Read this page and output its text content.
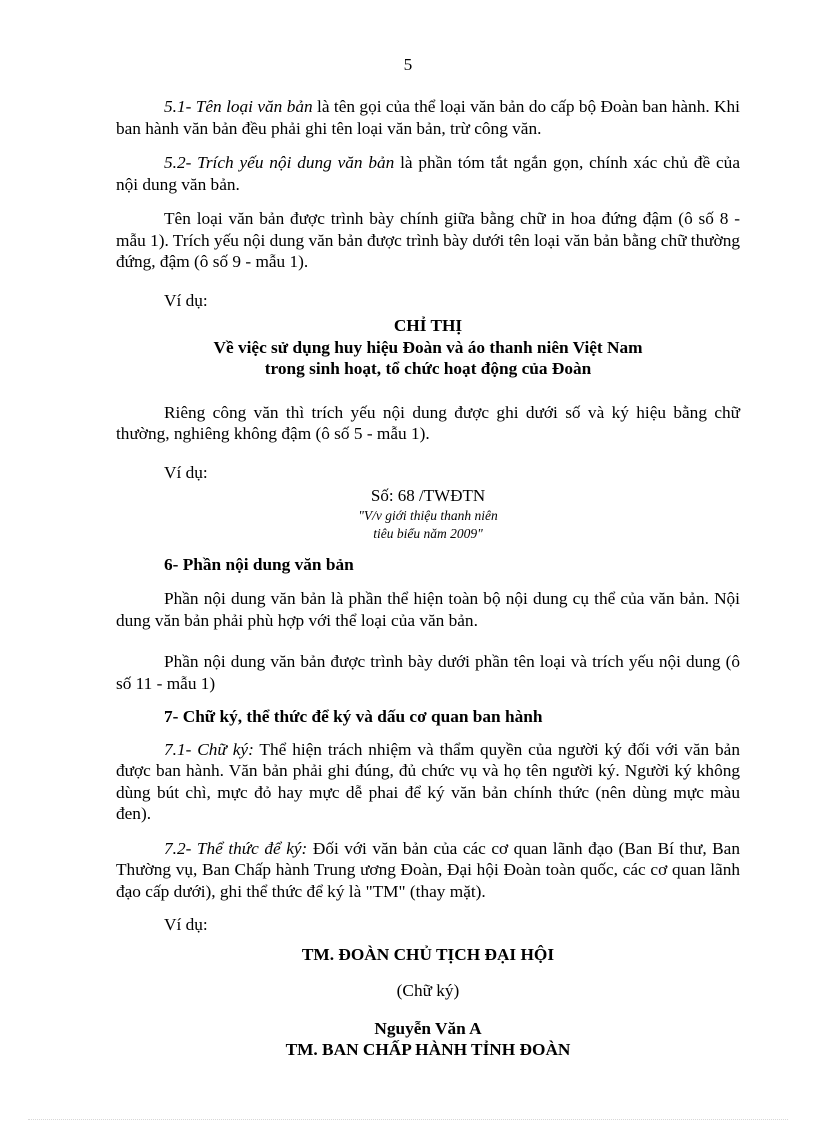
5

5.1- Tên loại văn bản là tên gọi của thể loại văn bản do cấp bộ Đoàn ban hành. Khi ban hành văn bản đều phải ghi tên loại văn bản, trừ công văn.

5.2- Trích yếu nội dung văn bản là phần tóm tắt ngắn gọn, chính xác chủ đề của nội dung văn bản.

Tên loại văn bản được trình bày chính giữa bằng chữ in hoa đứng đậm (ô số 8 - mẫu 1). Trích yếu nội dung văn bản được trình bày dưới tên loại văn bản bằng chữ thường đứng, đậm (ô số 9 - mẫu 1).

Ví dụ:

CHỈ THỊ
Về việc sử dụng huy hiệu Đoàn và áo thanh niên Việt Nam
trong sinh hoạt, tổ chức hoạt động của Đoàn

Riêng công văn thì trích yếu nội dung được ghi dưới số và ký hiệu bằng chữ thường, nghiêng không đậm (ô số 5 - mẫu 1).

Ví dụ:

Số: 68 /TWĐTN
"V/v giới thiệu thanh niên
tiêu biểu năm 2009"

6- Phần nội dung văn bản

Phần nội dung văn bản là phần thể hiện toàn bộ nội dung cụ thể của văn bản. Nội dung văn bản phải phù hợp với thể loại của văn bản.

Phần nội dung văn bản được trình bày dưới phần tên loại và trích yếu nội dung (ô số 11 - mẫu 1)

7- Chữ ký, thể thức để ký và dấu cơ quan ban hành

7.1- Chữ ký: Thể hiện trách nhiệm và thẩm quyền của người ký đối với văn bản được ban hành. Văn bản phải ghi đúng, đủ chức vụ và họ tên người ký. Người ký không dùng bút chì, mực đỏ hay mực dễ phai để ký văn bản chính thức (nên dùng mực màu đen).

7.2- Thể thức để ký: Đối với văn bản của các cơ quan lãnh đạo (Ban Bí thư, Ban Thường vụ, Ban Chấp hành Trung ương Đoàn, Đại hội Đoàn toàn quốc, các cơ quan lãnh đạo cấp dưới), ghi thể thức để ký là "TM" (thay mặt).

Ví dụ:

TM. ĐOÀN CHỦ TỊCH ĐẠI HỘI
(Chữ ký)
Nguyễn Văn A
TM. BAN CHẤP HÀNH TỈNH ĐOÀN
